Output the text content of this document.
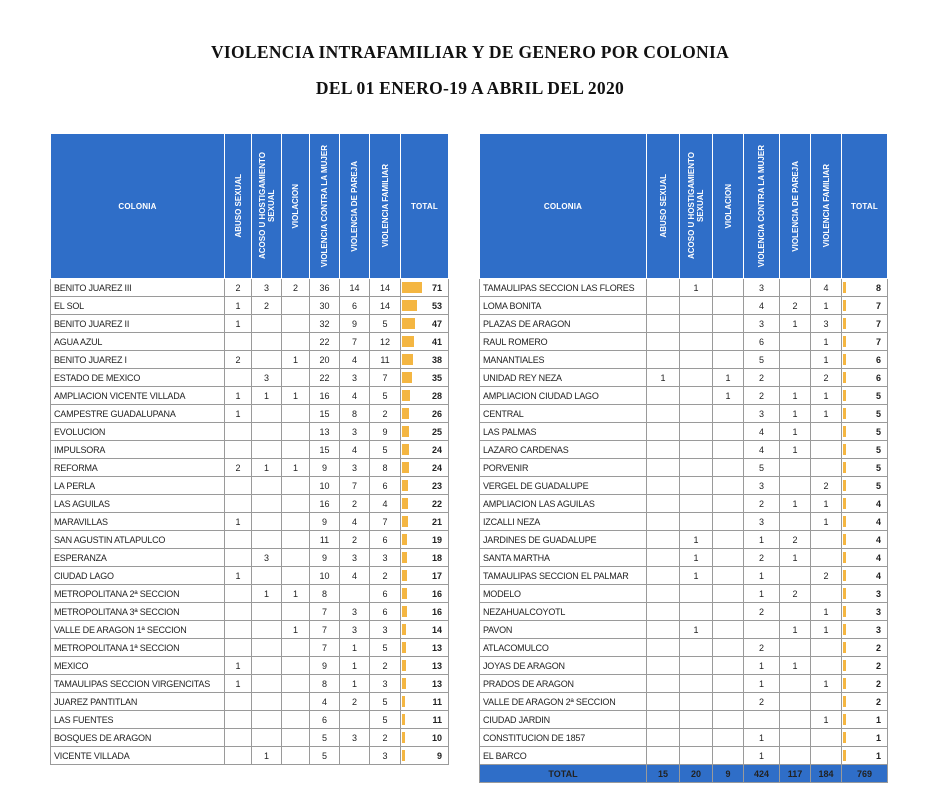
VIOLENCIA INTRAFAMILIAR Y DE GENERO POR COLONIA
DEL 01 ENERO-19 A ABRIL DEL 2020
COLONIA	ABUSO SEXUAL	ACOSO U HOSTIGAMIENTO SEXUAL	VIOLACION	VIOLENCIA CONTRA LA MUJER	VIOLENCIA DE PAREJA	VIOLENCIA FAMILIAR	TOTAL
BENITO JUAREZ III	2	3	2	36	14	14	71

EL SOL	1	2		30	6	14	53

BENITO JUAREZ II	1			32	9	5	47

AGUA AZUL				22	7	12	41

BENITO JUAREZ I	2		1	20	4	11	38

ESTADO DE MEXICO		3		22	3	7	35

AMPLIACION VICENTE VILLADA	1	1	1	16	4	5	28

CAMPESTRE GUADALUPANA	1			15	8	2	26

EVOLUCION				13	3	9	25

IMPULSORA				15	4	5	24

REFORMA	2	1	1	9	3	8	24

LA PERLA				10	7	6	23

LAS AGUILAS				16	2	4	22

MARAVILLAS	1			9	4	7	21

SAN AGUSTIN ATLAPULCO				11	2	6	19

ESPERANZA		3		9	3	3	18

CIUDAD LAGO	1			10	4	2	17

METROPOLITANA 2ª SECCION		1	1	8		6	16

METROPOLITANA 3ª SECCION				7	3	6	16

VALLE DE ARAGON 1ª SECCION			1	7	3	3	14

METROPOLITANA 1ª SECCION				7	1	5	13

MEXICO	1			9	1	2	13

TAMAULIPAS SECCION VIRGENCITAS	1			8	1	3	13

JUAREZ PANTITLAN				4	2	5	11

LAS FUENTES				6		5	11

BOSQUES DE ARAGON				5	3	2	10

VICENTE VILLADA		1		5		3	9
COLONIA	ABUSO SEXUAL	ACOSO U HOSTIGAMIENTO SEXUAL	VIOLACION	VIOLENCIA CONTRA LA MUJER	VIOLENCIA DE PAREJA	VIOLENCIA FAMILIAR	TOTAL
TAMAULIPAS SECCION LAS FLORES		1		3		4	8

LOMA BONITA				4	2	1	7

PLAZAS DE ARAGON				3	1	3	7

RAUL ROMERO				6		1	7

MANANTIALES				5		1	6

UNIDAD REY NEZA	1		1	2		2	6

AMPLIACION CIUDAD LAGO			1	2	1	1	5

CENTRAL				3	1	1	5

LAS PALMAS				4	1		5

LAZARO CARDENAS				4	1		5

PORVENIR				5			5

VERGEL DE GUADALUPE				3		2	5

AMPLIACION LAS AGUILAS				2	1	1	4

IZCALLI NEZA				3		1	4

JARDINES DE GUADALUPE		1		1	2		4

SANTA MARTHA		1		2	1		4

TAMAULIPAS SECCION EL PALMAR		1		1		2	4

MODELO				1	2		3

NEZAHUALCOYOTL				2		1	3

PAVON		1			1	1	3

ATLACOMULCO				2			2

JOYAS DE ARAGON				1	1		2

PRADOS DE ARAGON				1		1	2

VALLE DE ARAGON 2ª SECCION				2			2

CIUDAD JARDIN						1	1

CONSTITUCION DE 1857				1			1

EL BARCO				1			1

TOTAL	15	20	9	424	117	184	769
